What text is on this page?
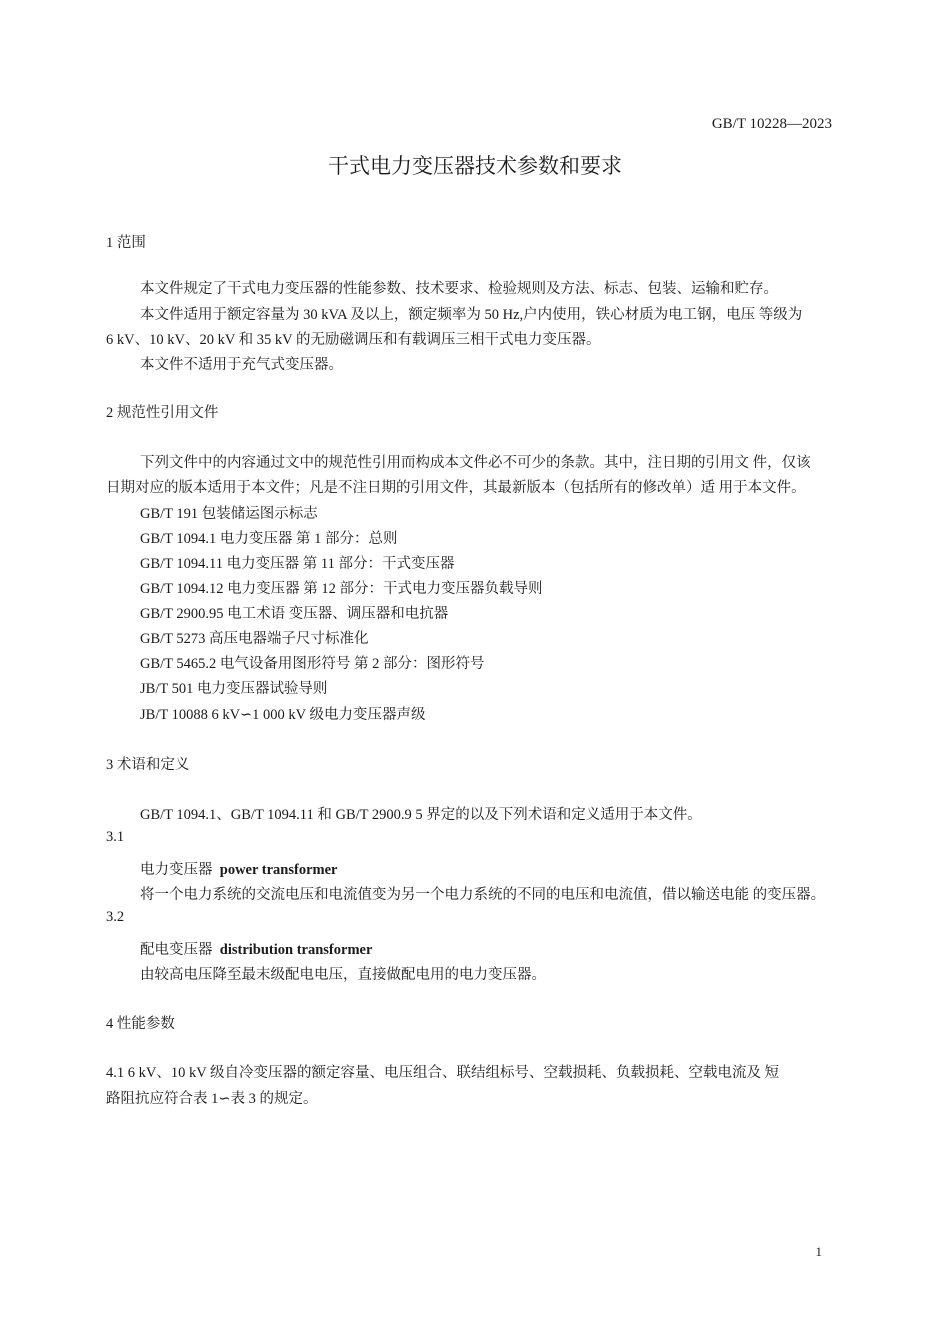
GB/T 10228—2023
干式电力变压器技术参数和要求
1 范围
本文件规定了干式电力变压器的性能参数、技术要求、检验规则及方法、标志、包装、运输和贮存。
本文件适用于额定容量为 30 kVA 及以上，额定频率为 50 Hz,户内使用，铁心材质为电工钢，电压 等级为
6 kV、10 kV、20 kV 和 35 kV 的无励磁调压和有载调压三相干式电力变压器。
本文件不适用于充气式变压器。
2 规范性引用文件
下列文件中的内容通过文中的规范性引用而构成本文件必不可少的条款。其中，注日期的引用文 件，仅该
日期对应的版本适用于本文件；凡是不注日期的引用文件，其最新版本（包括所有的修改单）适 用于本文件。
GB/T 191 包装储运图示标志
GB/T 1094.1 电力变压器 第 1 部分：总则
GB/T 1094.11 电力变压器 第 11 部分：干式变压器
GB/T 1094.12 电力变压器 第 12 部分：干式电力变压器负载导则
GB/T 2900.95 电工术语 变压器、调压器和电抗器
GB/T 5273 高压电器端子尺寸标准化
GB/T 5465.2 电气设备用图形符号 第 2 部分：图形符号
JB/T 501 电力变压器试验导则
JB/T 10088 6 kV∽1 000 kV 级电力变压器声级
3 术语和定义
GB/T 1094.1、GB/T 1094.11 和 GB/T 2900.9 5 界定的以及下列术语和定义适用于本文件。
3.1
电力变压器 power transformer
将一个电力系统的交流电压和电流值变为另一个电力系统的不同的电压和电流值，借以输送电能 的变压器。
3.2
配电变压器 distribution transformer
由较高电压降至最末级配电电压，直接做配电用的电力变压器。
4 性能参数
4.1 6 kV、10 kV 级自冷变压器的额定容量、电压组合、联结组标号、空载损耗、负载损耗、空载电流及 短
路阻抗应符合表 1∽表 3 的规定。
1
